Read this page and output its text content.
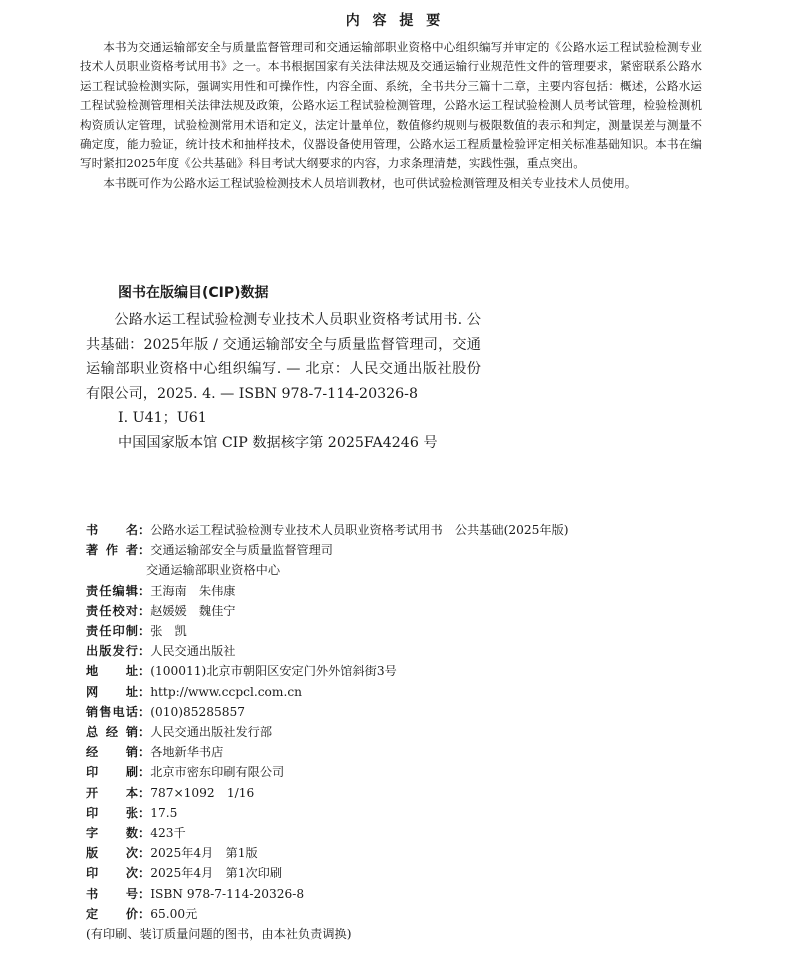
内 容 提 要

本书为交通运输部安全与质量监督管理司和交通运输部职业资格中心组织编写并审定的《公路水运工程试验检测专业技术人员职业资格考试用书》之一。本书根据国家有关法律法规及交通运输行业规范性文件的管理要求，紧密联系公路水运工程试验检测实际，强调实用性和可操作性，内容全面、系统，全书共分三篇十二章，主要内容包括：概述，公路水运工程试验检测管理相关法律法规及政策，公路水运工程试验检测管理，公路水运工程试验检测人员考试管理，检验检测机构资质认定管理，试验检测常用术语和定义，法定计量单位，数值修约规则与极限数值的表示和判定，测量误差与测量不确定度，能力验证，统计技术和抽样技术，仪器设备使用管理，公路水运工程质量检验评定相关标准基础知识。本书在编写时紧扣2025年度《公共基础》科目考试大纲要求的内容，力求条理清楚，实践性强，重点突出。

本书既可作为公路水运工程试验检测技术人员培训教材，也可供试验检测管理及相关专业技术人员使用。

图书在版编目(CIP)数据

公路水运工程试验检测专业技术人员职业资格考试用书. 公共基础：2025年版 / 交通运输部安全与质量监督管理司，交通运输部职业资格中心组织编写. — 北京：人民交通出版社股份有限公司，2025. 4. — ISBN 978-7-114-20326-8

Ⅰ. U41；U61

中国国家版本馆 CIP 数据核字第 2025FA4246 号

书 名 ： 公路水运工程试验检测专业技术人员职业资格考试用书　公共基础(2025年版)
著 作 者 ： 交通运输部安全与质量监督管理司
交通运输部职业资格中心
责 任 编 辑 ： 王海南　朱伟康
责 任 校 对 ： 赵媛媛　魏佳宁
责 任 印 制 ： 张　凯
出 版 发 行 ： 人民交通出版社
地 址 ： (100011)北京市朝阳区安定门外外馆斜街3号
网 址 ： http://www.ccpcl.com.cn
销 售 电 话 ： (010)85285857
总 经 销 ： 人民交通出版社发行部
经 销 ： 各地新华书店
印 刷 ： 北京市密东印刷有限公司
开 本 ： 787×1092　1/16
印 张 ： 17.5
字 数 ： 423千
版 次 ： 2025年4月　第1版
印 次 ： 2025年4月　第1次印刷
书 号 ： ISBN 978-7-114-20326-8
定 价 ： 65.00元
(有印刷、装订质量问题的图书，由本社负责调换)
